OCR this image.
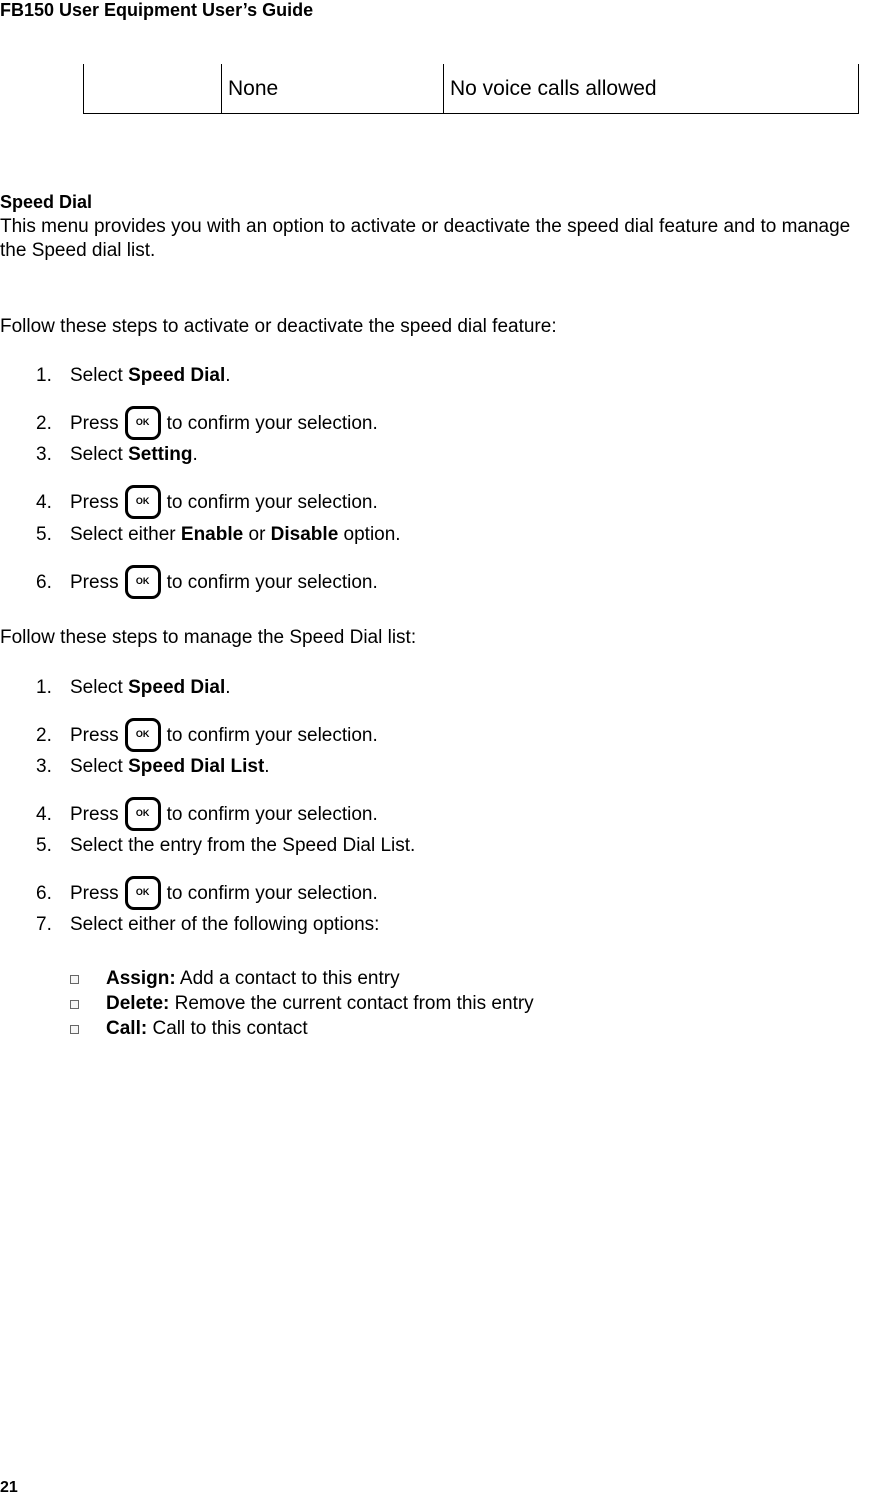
FB150 User Equipment User’s Guide
None	No voice calls allowed
Speed Dial
This menu provides you with an option to activate or deactivate the speed dial feature and to manage the Speed dial list.
Follow these steps to activate or deactivate the speed dial feature:
1. Select Speed Dial .
2. Press	OK to confirm your selection.
3. Select Setting .
4. Press	OK to confirm your selection.
5. Select either Enable or Disable option.
6. Press	OK to confirm your selection.
Follow these steps to manage the Speed Dial list:
1. Select Speed Dial .
2. Press	OK to confirm your selection.
3. Select Speed Dial List .
4. Press	OK to confirm your selection.
5. Select the entry from the Speed Dial List.
6. Press	OK to confirm your selection.
7. Select either of the following options:
Assign: Add a contact to this entry
Delete: Remove the current contact from this entry
Call: Call to this contact
21
